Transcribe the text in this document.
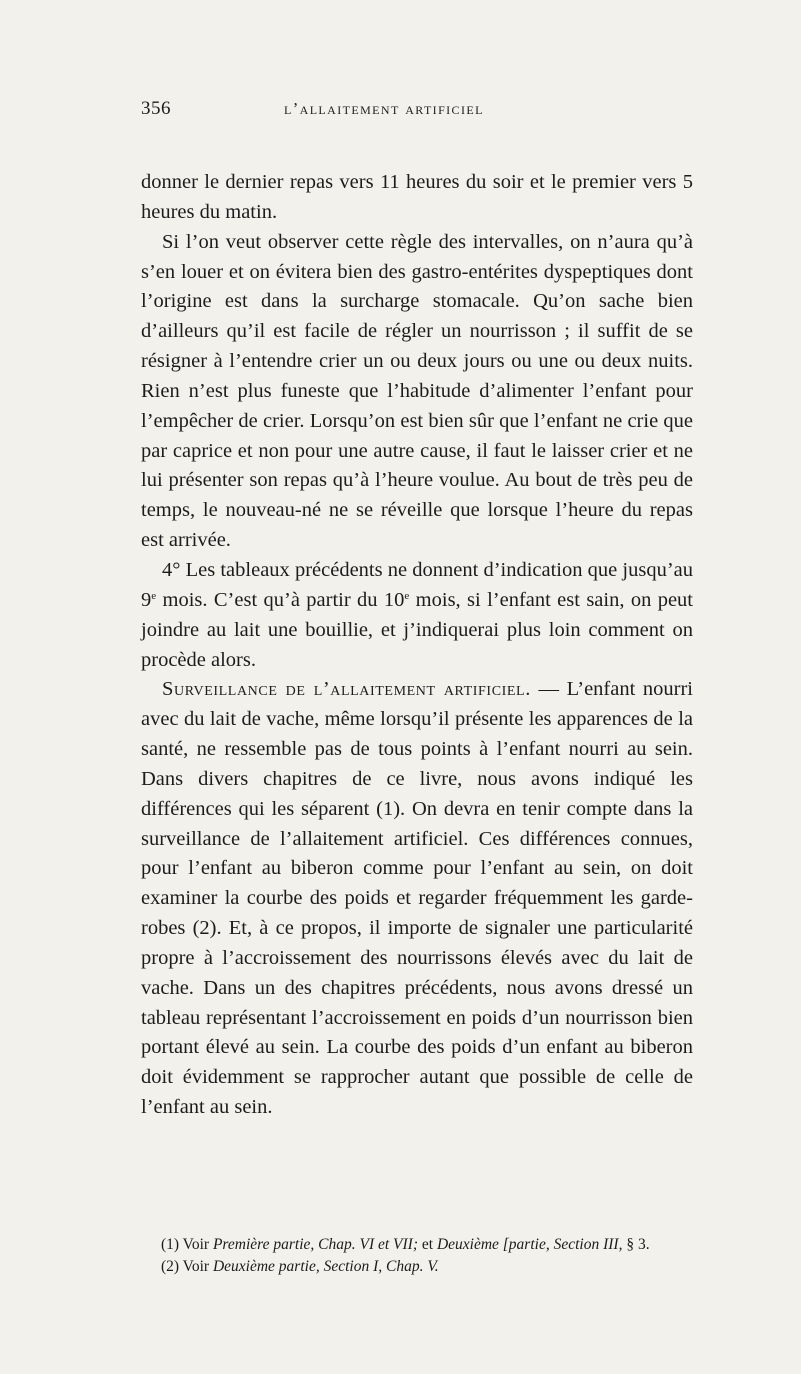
356	l’allaitement artificiel

donner le dernier repas vers 11 heures du soir et le premier vers 5 heures du matin.

Si l’on veut observer cette règle des intervalles, on n’aura qu’à s’en louer et on évitera bien des gastro-entérites dyspeptiques dont l’origine est dans la surcharge stomacale. Qu’on sache bien d’ailleurs qu’il est facile de régler un nourrisson ; il suffit de se résigner à l’entendre crier un ou deux jours ou une ou deux nuits. Rien n’est plus funeste que l’habitude d’alimenter l’enfant pour l’empêcher de crier. Lorsqu’on est bien sûr que l’enfant ne crie que par caprice et non pour une autre cause, il faut le laisser crier et ne lui présenter son repas qu’à l’heure voulue. Au bout de très peu de temps, le nouveau-né ne se réveille que lorsque l’heure du repas est arrivée.

4° Les tableaux précédents ne donnent d’indication que jusqu’au 9e mois. C’est qu’à partir du 10e mois, si l’enfant est sain, on peut joindre au lait une bouillie, et j’indiquerai plus loin comment on procède alors.

Surveillance de l’allaitement artificiel. — L’enfant nourri avec du lait de vache, même lorsqu’il présente les apparences de la santé, ne ressemble pas de tous points à l’enfant nourri au sein. Dans divers chapitres de ce livre, nous avons indiqué les différences qui les séparent (1). On devra en tenir compte dans la surveillance de l’allaitement artificiel. Ces différences connues, pour l’enfant au biberon comme pour l’enfant au sein, on doit examiner la courbe des poids et regarder fréquemment les garde-robes (2). Et, à ce propos, il importe de signaler une particularité propre à l’accroissement des nourrissons élevés avec du lait de vache. Dans un des chapitres précédents, nous avons dressé un tableau représentant l’accroissement en poids d’un nourrisson bien portant élevé au sein. La courbe des poids d’un enfant au biberon doit évidemment se rapprocher autant que possible de celle de l’enfant au sein.

(1) Voir Première partie, Chap. VI et VII; et Deuxième [partie, Section III, § 3.

(2) Voir Deuxième partie, Section I, Chap. V.
